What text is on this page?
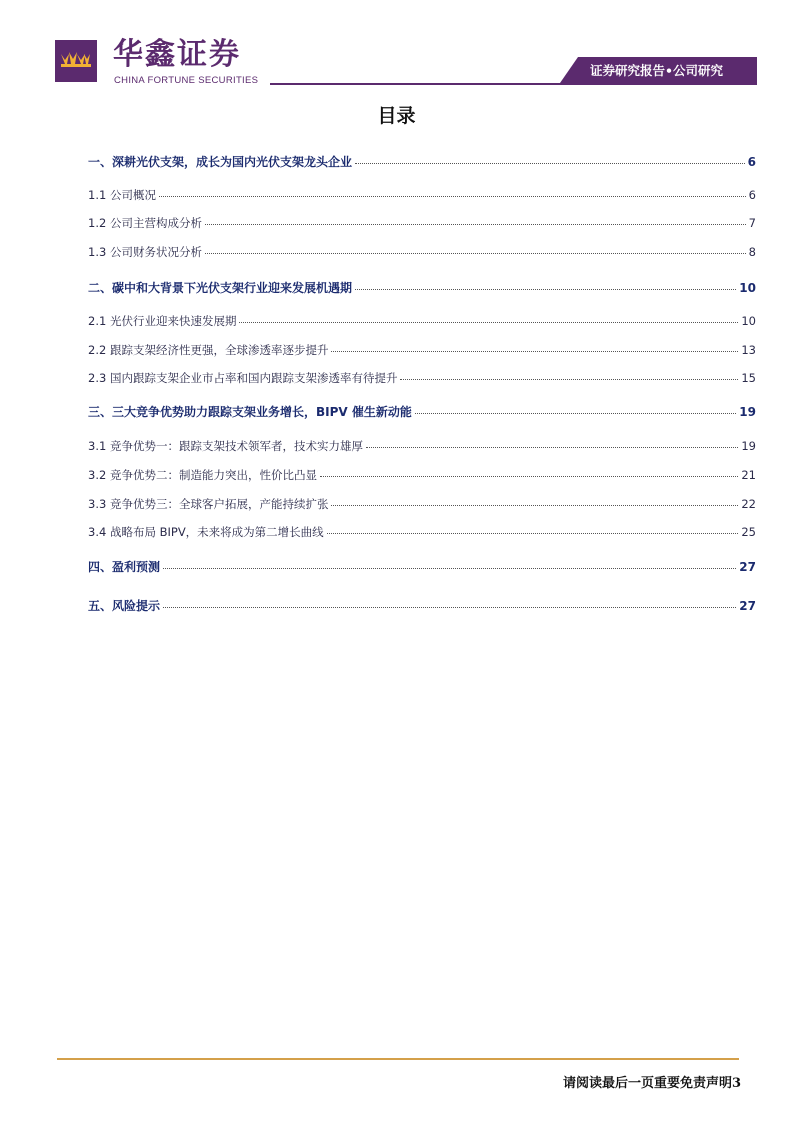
华鑫证券
CHINA FORTUNE SECURITIES
证券研究报告•公司研究
目录
一、深耕光伏支架，成长为国内光伏支架龙头企业	6
1.1 公司概况	6
1.2 公司主营构成分析	7
1.3 公司财务状况分析	8
二、碳中和大背景下光伏支架行业迎来发展机遇期	10
2.1 光伏行业迎来快速发展期	10
2.2 跟踪支架经济性更强，全球渗透率逐步提升	13
2.3 国内跟踪支架企业市占率和国内跟踪支架渗透率有待提升	15
三、三大竞争优势助力跟踪支架业务增长，BIPV 催生新动能	19
3.1 竞争优势一：跟踪支架技术领军者，技术实力雄厚	19
3.2 竞争优势二：制造能力突出，性价比凸显	21
3.3 竞争优势三：全球客户拓展，产能持续扩张	22
3.4 战略布局 BIPV，未来将成为第二增长曲线	25
四、盈利预测	27
五、风险提示	27
请阅读最后一页重要免责声明3
